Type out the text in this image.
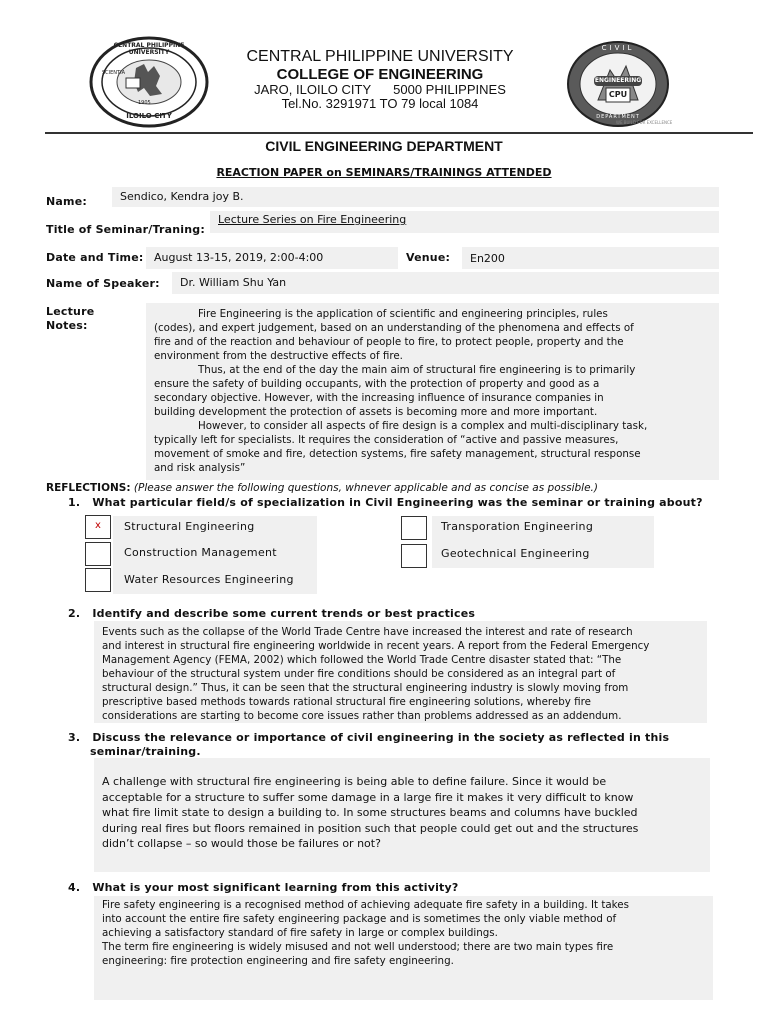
CENTRAL PHILIPPINE UNIVERSITY
SCIENTIA
1905
ILOILO CITY
CENTRAL PHILIPPINE UNIVERSITY
COLLEGE OF ENGINEERING
JARO, ILOILO CITY 5000 PHILIPPINES
Tel.No. 3291971 TO 79 local 1084
CIVIL
ENGINEERING
CPU
DEPARTMENT
WE BUILD FOR EXCELLENCE
CIVIL ENGINEERING DEPARTMENT
REACTION PAPER on SEMINARS/TRAININGS ATTENDED
Name:	Sendico, Kendra joy B.
Title of Seminar/Traning:
Lecture Series on Fire Engineering
Date and Time: August 13-15, 2019, 2:00-4:00	Venue:	En200
Name of Speaker:	Dr. William Shu Yan
Lecture
Notes:
Fire Engineering is the application of scientific and engineering principles, rules
(codes), and expert judgement, based on an understanding of the phenomena and effects of
fire and of the reaction and behaviour of people to fire, to protect people, property and the
environment from the destructive effects of fire.
Thus, at the end of the day the main aim of structural fire engineering is to primarily
ensure the safety of building occupants, with the protection of property and good as a
secondary objective. However, with the increasing influence of insurance companies in
building development the protection of assets is becoming more and more important.
However, to consider all aspects of fire design is a complex and multi-disciplinary task,
typically left for specialists. It requires the consideration of “active and passive measures,
movement of smoke and fire, detection systems, fire safety management, structural response
and risk analysis”
REFLECTIONS: (Please answer the following questions, whnever applicable and as concise as possible.)
1.   What particular field/s of specialization in Civil Engineering was the seminar or training about?
x Structural Engineering
Construction Management
Water Resources Engineering
Transporation Engineering
Geotechnical Engineering
2.   Identify and describe some current trends or best practices
Events such as the collapse of the World Trade Centre have increased the interest and rate of research
and interest in structural fire engineering worldwide in recent years. A report from the Federal Emergency
Management Agency (FEMA, 2002) which followed the World Trade Centre disaster stated that: “The
behaviour of the structural system under fire conditions should be considered as an integral part of
structural design.” Thus, it can be seen that the structural engineering industry is slowly moving from
prescriptive based methods towards rational structural fire engineering solutions, whereby fire
considerations are starting to become core issues rather than problems addressed as an addendum.
3.   Discuss the relevance or importance of civil engineering in the society as reflected in this
seminar/training.
A challenge with structural fire engineering is being able to define failure. Since it would be
acceptable for a structure to suffer some damage in a large fire it makes it very difficult to know
what fire limit state to design a building to. In some structures beams and columns have buckled
during real fires but floors remained in position such that people could get out and the structures
didn’t collapse – so would those be failures or not?
4.   What is your most significant learning from this activity?
Fire safety engineering is a recognised method of achieving adequate fire safety in a building. It takes
into account the entire fire safety engineering package and is sometimes the only viable method of
achieving a satisfactory standard of fire safety in large or complex buildings.
The term fire engineering is widely misused and not well understood; there are two main types fire
engineering: fire protection engineering and fire safety engineering.
